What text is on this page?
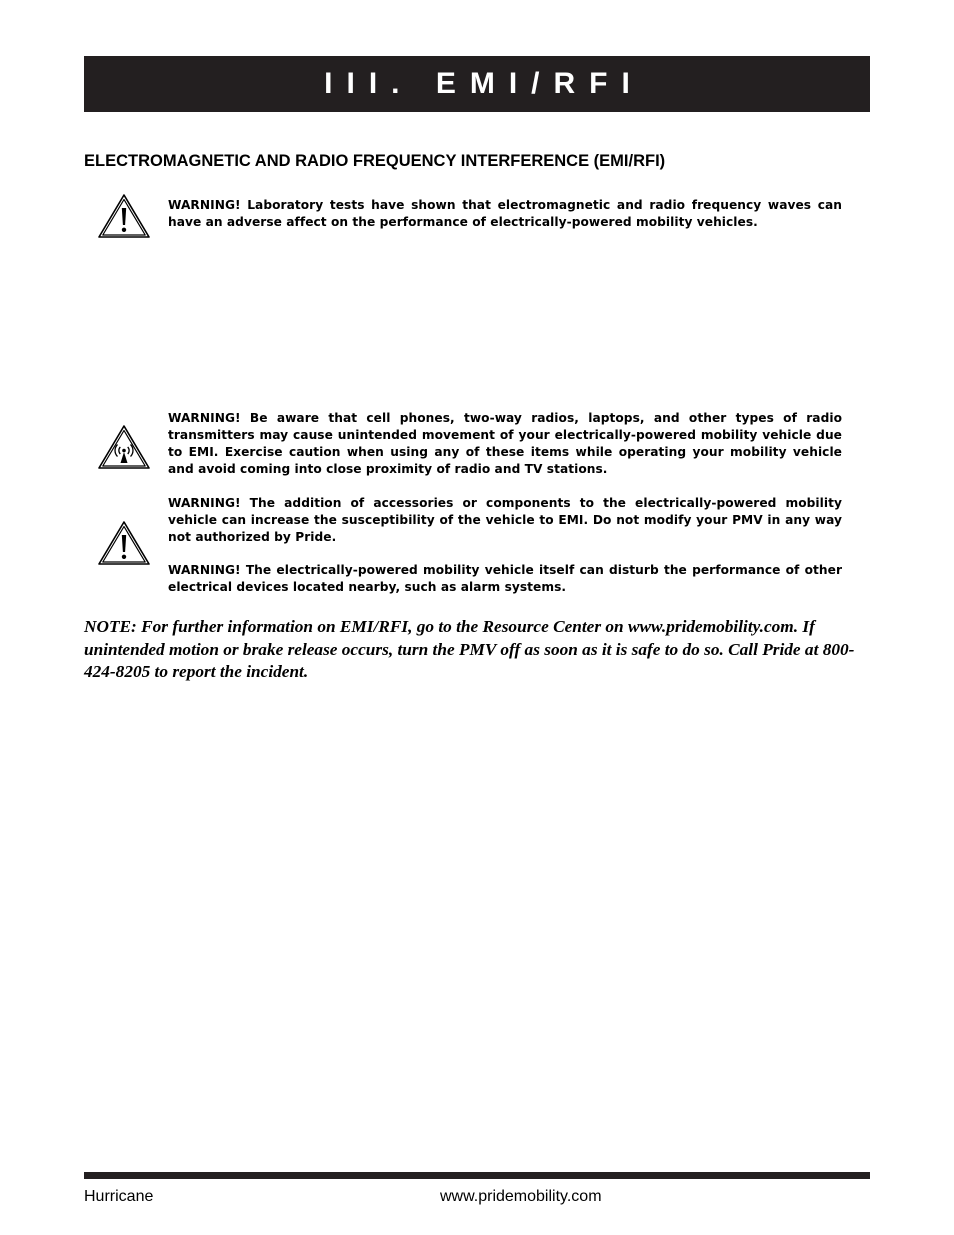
III. EMI/RFI
ELECTROMAGNETIC AND RADIO FREQUENCY INTERFERENCE (EMI/RFI)
WARNING! Laboratory tests have shown that electromagnetic and radio frequency waves can have an adverse affect on the performance of electrically-powered mobility vehicles.
WARNING! Be aware that cell phones, two-way radios, laptops, and other types of radio transmitters may cause unintended movement of your electrically-powered mobility vehicle due to EMI. Exercise caution when using any of these items while operating your mobility vehicle and avoid coming into close proximity of radio and TV stations.
WARNING! The addition of accessories or components to the electrically-powered mobility vehicle can increase the susceptibility of the vehicle to EMI. Do not modify your PMV in any way not authorized by Pride.
WARNING! The electrically-powered mobility vehicle itself can disturb the performance of other electrical devices located nearby, such as alarm systems.
NOTE: For further information on EMI/RFI, go to the Resource Center on www.pridemobility.com. If unintended motion or brake release occurs, turn the PMV off as soon as it is safe to do so. Call Pride at 800-424-8205 to report the incident.
Hurricane	www.pridemobility.com
